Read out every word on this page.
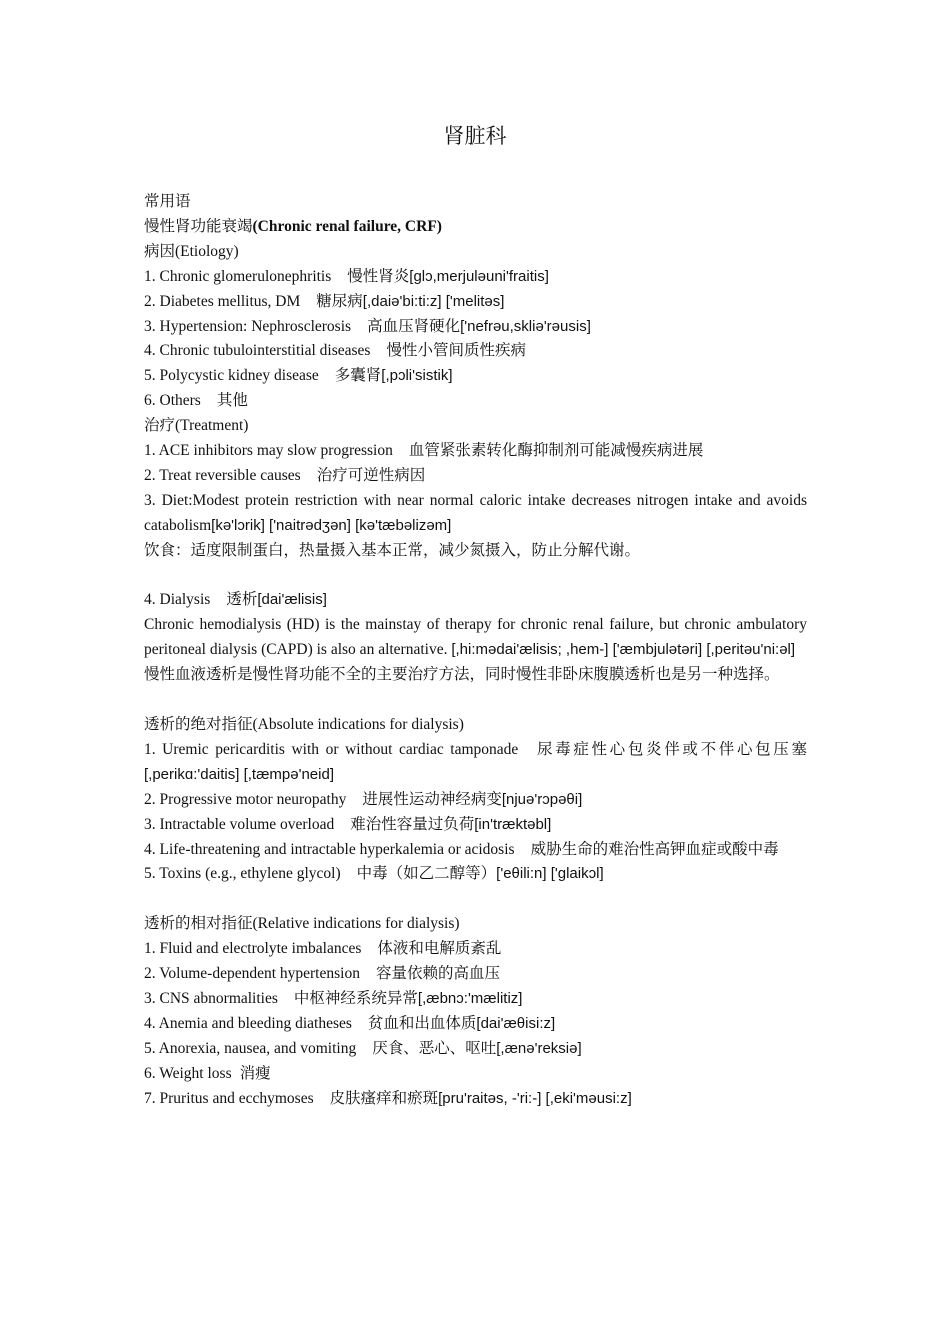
肾脏科
常用语
慢性肾功能衰竭(Chronic renal failure, CRF)
病因(Etiology)
1. Chronic glomerulonephritis 慢性肾炎[glɔ,merjuləuni'fraitis]
2. Diabetes mellitus, DM 糖尿病[,daiə'bi:ti:z] ['melitəs]
3. Hypertension: Nephrosclerosis 高血压肾硬化['nefrəu,skliə'rəusis]
4. Chronic tubulointerstitial diseases 慢性小管间质性疾病
5. Polycystic kidney disease 多囊肾[,pɔli'sistik]
6. Others 其他
治疗(Treatment)
1. ACE inhibitors may slow progression 血管紧张素转化酶抑制剂可能减慢疾病进展
2. Treat reversible causes 治疗可逆性病因
3. Diet:Modest protein restriction with near normal caloric intake decreases nitrogen intake and avoids catabolism[kə'lɔrik] ['naitrədʒən] [kə'tæbəlizəm]
饮食：适度限制蛋白，热量摄入基本正常，减少氮摄入，防止分解代谢。
4. Dialysis 透析[dai'ælisis]
Chronic hemodialysis (HD) is the mainstay of therapy for chronic renal failure, but chronic ambulatory peritoneal dialysis (CAPD) is also an alternative. [,hi:mədai'ælisis; ,hem-] ['æmbjulətəri] [,peritəu'ni:əl]
慢性血液透析是慢性肾功能不全的主要治疗方法，同时慢性非卧床腹膜透析也是另一种选择。
透析的绝对指征(Absolute indications for dialysis)
1. Uremic pericarditis with or without cardiac tamponade 尿毒症性心包炎伴或不伴心包压塞[,perikɑ:'daitis] [,tæmpə'neid]
2. Progressive motor neuropathy 进展性运动神经病变[njuə'rɔpəθi]
3. Intractable volume overload 难治性容量过负荷[in'træktəbl]
4. Life-threatening and intractable hyperkalemia or acidosis 威胁生命的难治性高钾血症或酸中毒
5. Toxins (e.g., ethylene glycol) 中毒（如乙二醇等）['eθili:n] ['glaikɔl]
透析的相对指征(Relative indications for dialysis)
1. Fluid and electrolyte imbalances 体液和电解质紊乱
2. Volume-dependent hypertension 容量依赖的高血压
3. CNS abnormalities 中枢神经系统异常[,æbnɔ:'mælitiz]
4. Anemia and bleeding diatheses 贫血和出血体质[dai'æθisi:z]
5. Anorexia, nausea, and vomiting 厌食、恶心、呕吐[,ænə'reksiə]
6. Weight loss 消瘦
7. Pruritus and ecchymoses 皮肤瘙痒和瘀斑[pru'raitəs, -'ri:-] [,eki'məusi:z]
